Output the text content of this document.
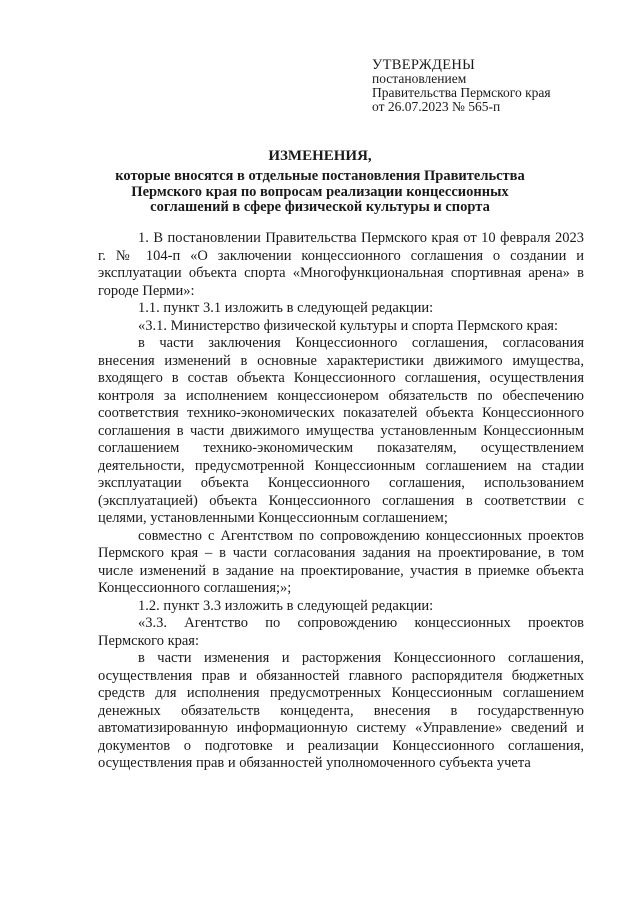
УТВЕРЖДЕНЫ
постановлением
Правительства Пермского края
от 26.07.2023 № 565-п
ИЗМЕНЕНИЯ,
которые вносятся в отдельные постановления Правительства
Пермского края по вопросам реализации концессионных
соглашений в сфере физической культуры и спорта

1. В постановлении Правительства Пермского края от 10 февраля 2023 г. № 104-п «О заключении концессионного соглашения о создании и эксплуатации объекта спорта «Многофункциональная спортивная арена» в городе Перми»:

1.1. пункт 3.1 изложить в следующей редакции:

«3.1. Министерство физической культуры и спорта Пермского края:

в части заключения Концессионного соглашения, согласования внесения изменений в основные характеристики движимого имущества, входящего в состав объекта Концессионного соглашения, осуществления контроля за исполнением концессионером обязательств по обеспечению соответствия технико-экономических показателей объекта Концессионного соглашения в части движимого имущества установленным Концессионным соглашением технико-экономическим показателям, осуществлением деятельности, предусмотренной Концессионным соглашением на стадии эксплуатации объекта Концессионного соглашения, использованием (эксплуатацией) объекта Концессионного соглашения в соответствии с целями, установленными Концессионным соглашением;

совместно с Агентством по сопровождению концессионных проектов Пермского края – в части согласования задания на проектирование, в том числе изменений в задание на проектирование, участия в приемке объекта Концессионного соглашения;»;

1.2. пункт 3.3 изложить в следующей редакции:

«3.3. Агентство по сопровождению концессионных проектов Пермского края:

в части изменения и расторжения Концессионного соглашения, осуществления прав и обязанностей главного распорядителя бюджетных средств для исполнения предусмотренных Концессионным соглашением денежных обязательств концедента, внесения в государственную автоматизированную информационную систему «Управление» сведений и документов о подготовке и реализации Концессионного соглашения, осуществления прав и обязанностей уполномоченного субъекта учета
